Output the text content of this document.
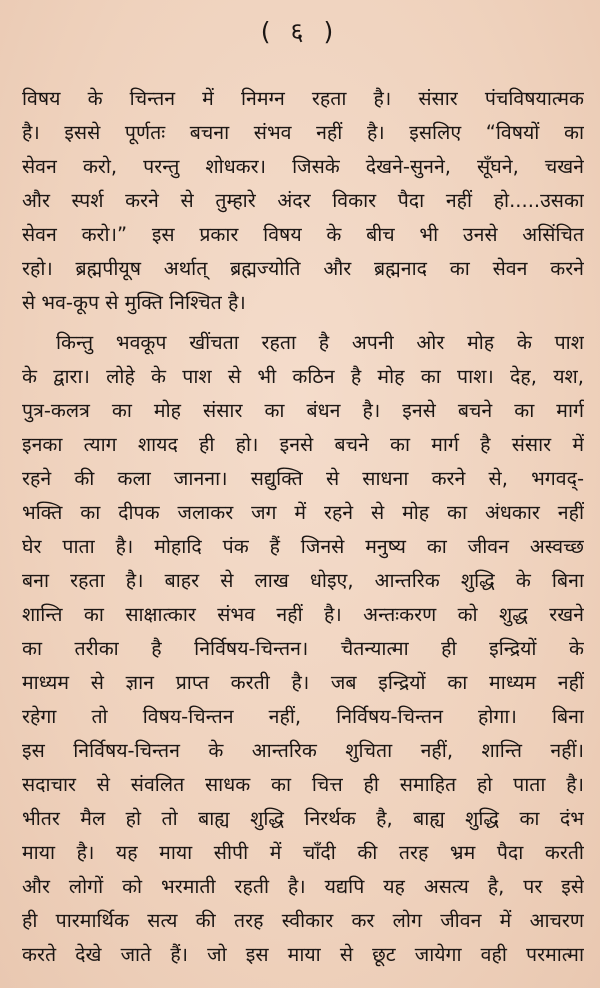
( ६ )
विषय के चिन्तन में निमग्न रहता है। संसार पंचविषयात्मक
है। इससे पूर्णतः बचना संभव नहीं है। इसलिए “विषयों का
सेवन करो, परन्तु शोधकर। जिसके देखने-सुनने, सूँघने, चखने
और स्पर्श करने से तुम्हारे अंदर विकार पैदा नहीं हो.....उसका
सेवन करो।” इस प्रकार विषय के बीच भी उनसे असिंचित
रहो। ब्रह्मपीयूष अर्थात् ब्रह्मज्योति और ब्रह्मनाद का सेवन करने
से भव-कूप से मुक्ति निश्चित है।
किन्तु भवकूप खींचता रहता है अपनी ओर मोह के पाश
के द्वारा। लोहे के पाश से भी कठिन है मोह का पाश। देह, यश,
पुत्र-कलत्र का मोह संसार का बंधन है। इनसे बचने का मार्ग
इनका त्याग शायद ही हो। इनसे बचने का मार्ग है संसार में
रहने की कला जानना। सद्युक्ति से साधना करने से, भगवद्-
भक्ति का दीपक जलाकर जग में रहने से मोह का अंधकार नहीं
घेर पाता है। मोहादि पंक हैं जिनसे मनुष्य का जीवन अस्वच्छ
बना रहता है। बाहर से लाख धोइए, आन्तरिक शुद्धि के बिना
शान्ति का साक्षात्कार संभव नहीं है। अन्तःकरण को शुद्ध रखने
का तरीका है निर्विषय-चिन्तन। चैतन्यात्मा ही इन्द्रियों के
माध्यम से ज्ञान प्राप्त करती है। जब इन्द्रियों का माध्यम नहीं
रहेगा तो विषय-चिन्तन नहीं, निर्विषय-चिन्तन होगा। बिना
इस निर्विषय-चिन्तन के आन्तरिक शुचिता नहीं, शान्ति नहीं।
सदाचार से संवलित साधक का चित्त ही समाहित हो पाता है।
भीतर मैल हो तो बाह्य शुद्धि निरर्थक है, बाह्य शुद्धि का दंभ
माया है। यह माया सीपी में चाँदी की तरह भ्रम पैदा करती
और लोगों को भरमाती रहती है। यद्यपि यह असत्य है, पर इसे
ही पारमार्थिक सत्य की तरह स्वीकार कर लोग जीवन में आचरण
करते देखे जाते हैं। जो इस माया से छूट जायेगा वही परमात्मा
